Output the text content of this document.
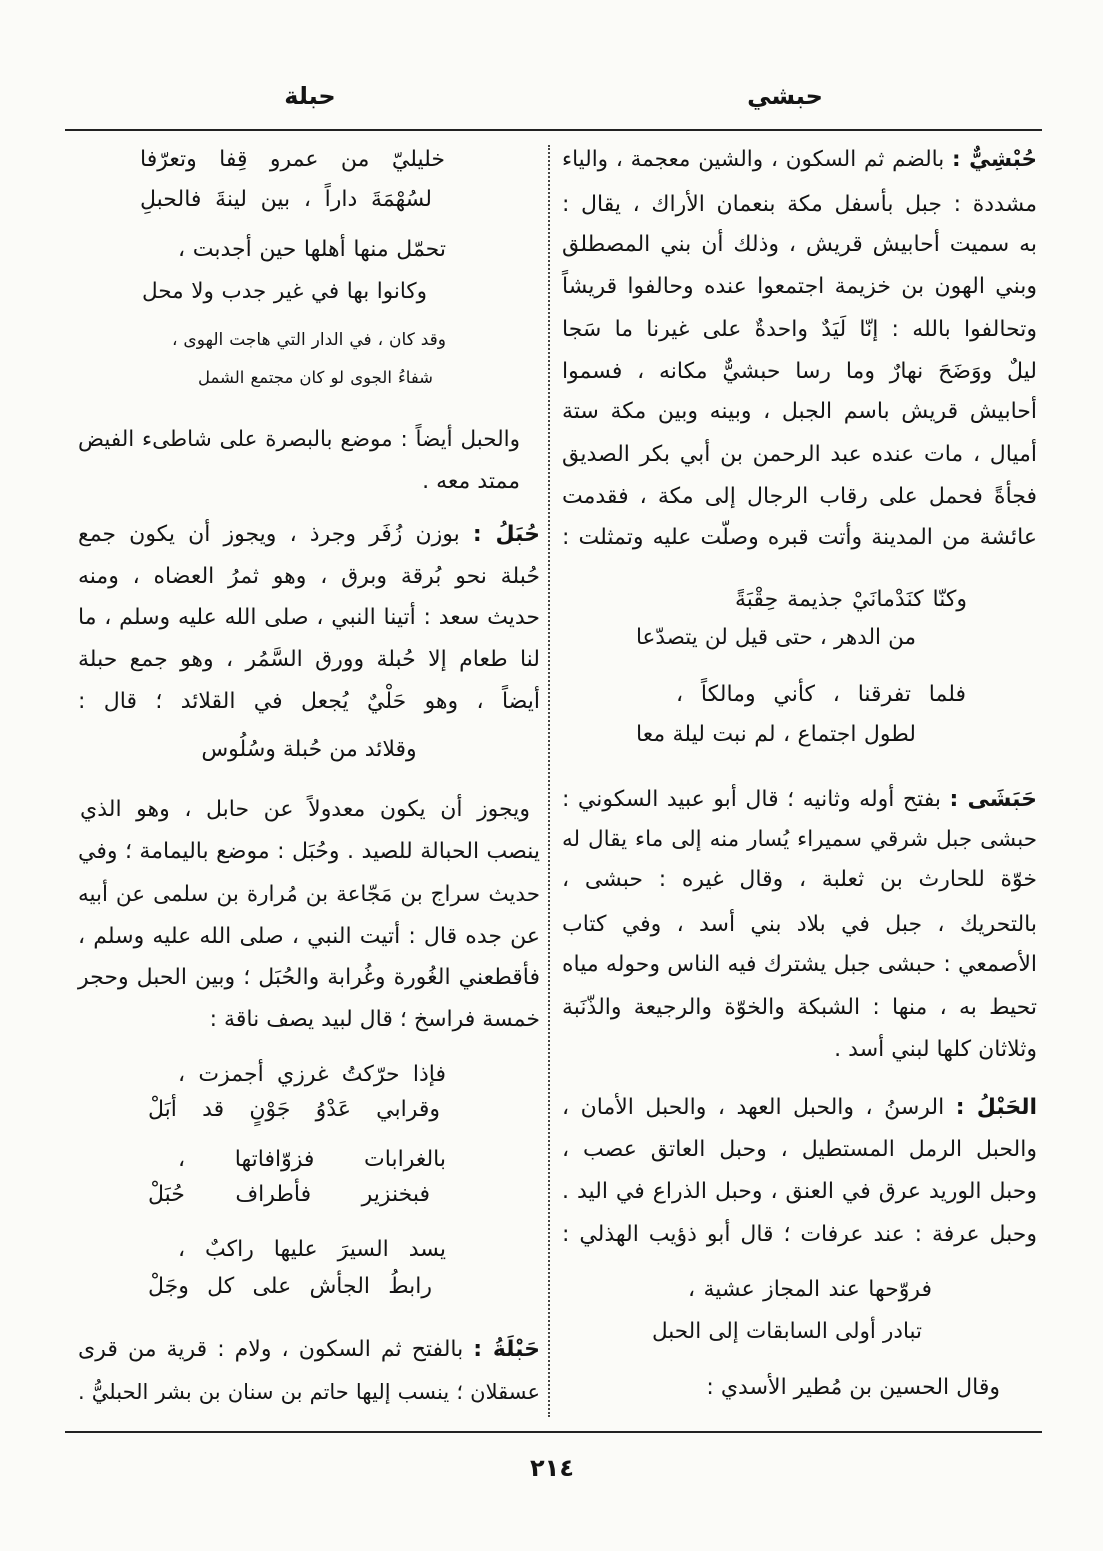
حبشي
حبلة
حُبْشِيٌّ : بالضم ثم السكون ، والشين معجمة ، والياء
مشددة : جبل بأسفل مكة بنعمان الأراك ، يقال :
به سميت أحابيش قريش ، وذلك أن بني المصطلق
وبني الهون بن خزيمة اجتمعوا عنده وحالفوا قريشاً
وتحالفوا بالله : إنّا لَيَدٌ واحدةٌ على غيرنا ما سَجا
ليلٌ ووَضَحَ نهارٌ وما رسا حبشيٌّ مكانه ، فسموا
أحابيش قريش باسم الجبل ، وبينه وبين مكة ستة
أميال ، مات عنده عبد الرحمن بن أبي بكر الصديق
فجأةً فحمل على رقاب الرجال إلى مكة ، فقدمت
عائشة من المدينة وأتت قبره وصلّت عليه وتمثلت :
وكنّا كنَدْمانَيْ جذيمة حِقْبَةً
من الدهر ، حتى قيل لن يتصدّعا
فلما تفرقنا ، كأني ومالكاً ،
لطول اجتماع ، لم نبت ليلة معا
حَبَشَى : بفتح أوله وثانيه ؛ قال أبو عبيد السكوني :
حبشى جبل شرقي سميراء يُسار منه إلى ماء يقال له
خوّة للحارث بن ثعلبة ، وقال غيره : حبشى ،
بالتحريك ، جبل في بلاد بني أسد ، وفي كتاب
الأصمعي : حبشى جبل يشترك فيه الناس وحوله مياه
تحيط به ، منها : الشبكة والخوّة والرجيعة والذّنَبة
وثلاثان كلها لبني أسد .
الحَبْلُ : الرسنُ ، والحبل العهد ، والحبل الأمان ،
والحبل الرمل المستطيل ، وحبل العاتق عصب ،
وحبل الوريد عرق في العنق ، وحبل الذراع في اليد .
وحبل عرفة : عند عرفات ؛ قال أبو ذؤيب الهذلي :
فروّحها عند المجاز عشية ،
تبادر أولى السابقات إلى الحبل
وقال الحسين بن مُطير الأسدي :
خليليّ من عمرو قِفا وتعرّفا
لسُهْمَةَ داراً ، بين لينةَ فالحبلِ
تحمّل منها أهلها حين أجدبت ،
وكانوا بها في غير جدب ولا محل
وقد كان ، في الدار التي هاجت الهوى ،
شفاءُ الجوى لو كان مجتمع الشمل
والحبل أيضاً : موضع بالبصرة على شاطىء الفيض
ممتد معه .
حُبَلُ : بوزن زُفَر وجرذ ، ويجوز أن يكون جمع
حُبلة نحو بُرقة وبرق ، وهو ثمرُ العضاه ، ومنه
حديث سعد : أتينا النبي ، صلى الله عليه وسلم ، ما
لنا طعام إلا حُبلة وورق السَّمُر ، وهو جمع حبلة
أيضاً ، وهو حَلْيٌ يُجعل في القلائد ؛ قال :
وقلائد من حُبلة وسُلُوس
ويجوز أن يكون معدولاً عن حابل ، وهو الذي
ينصب الحبالة للصيد . وحُبَل : موضع باليمامة ؛ وفي
حديث سراج بن مَجّاعة بن مُرارة بن سلمى عن أبيه
عن جده قال : أتيت النبي ، صلى الله عليه وسلم ،
فأقطعني الغُورة وغُرابة والحُبَل ؛ وبين الحبل وحجر
خمسة فراسخ ؛ قال لبيد يصف ناقة :
فإذا حرّكتُ غرزي أجمزت ،
وقرابي عَدْوُ جَوْنٍ قد أبَلْ
بالغرابات فزوّافاتها ،
فبخنزير فأطراف حُبَلْ
يسد السيرَ عليها راكبٌ ،
رابطُ الجأش على كل وجَلْ
حَبْلَةُ : بالفتح ثم السكون ، ولام : قرية من قرى
عسقلان ؛ ينسب إليها حاتم بن سنان بن بشر الحبليُّ .
٢١٤
